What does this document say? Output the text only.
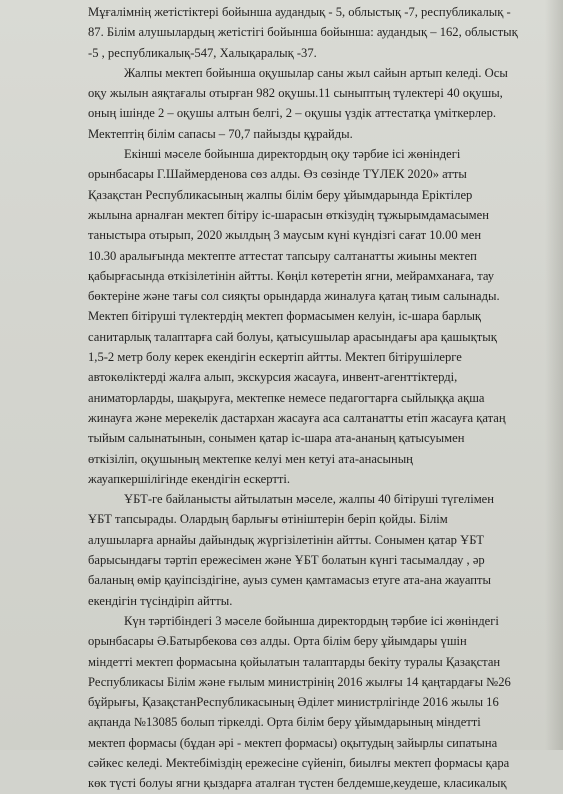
Мұғалімнің жетістіктері бойынша аудандық - 5, облыстық -7, республикалық -
87. Білім алушылардың жетістігі бойынша бойынша: аудандық – 162, облыстық
-5 , республикалық-547, Халықаралық -37.
Жалпы мектеп бойынша оқушылар саны жыл сайын артып келеді. Осы
оқу жылын аяқтағалы отырған 982 оқушы.11 сыныптың түлектері 40 оқушы,
оның ішінде 2 – оқушы алтын белгі, 2 – оқушы үздік аттестатқа үміткерлер.
Мектептің білім сапасы – 70,7 пайызды құрайды.
Екінші мәселе бойынша директордың оқу тәрбие ісі жөніндегі
орынбасары Г.Шаймерденова сөз алды. Өз сөзінде ТҮЛЕК 2020» атты
Қазақстан Республикасының жалпы білім беру ұйымдарында Еріктілер
жылына арналған мектеп бітіру іс-шарасын өткізудің тұжырымдамасымен
таныстыра отырып, 2020 жылдың 3 маусым күні күндізгі сағат 10.00 мен
10.30 аралығында мектепте аттестат тапсыру салтанатты жиыны мектеп
қабырғасында өткізілетінін айтты. Көңіл көтеретін ягни, мейрамханаға, тау
бөктеріне және тағы сол сияқты орындарда жиналуға қатаң тиым салынады.
Мектеп бітіруші түлектердің мектеп формасымен келуін, іс-шара барлық
санитарлық талаптарға сай болуы, қатысушылар арасындағы ара қашықтық
1,5-2 метр болу керек екендігін ескертіп айтты. Мектеп бітірушілерге
автокөліктерді жалға алып, экскурсия жасауға, инвент-агенттіктерді,
аниматорларды, шақыруға, мектепке немесе педагогтарға сыйлыққа ақша
жинауға және мерекелік дастархан жасауға аса салтанатты етіп жасауға қатаң
тыйым салынатынын, сонымен қатар іс-шара ата-ананың қатысуымен
өткізіліп, оқушының мектепке келуі мен кетуі ата-анасының
жауапкершілігінде екендігін ескертті.
ҰБТ-ге байланысты айтылатын мәселе, жалпы 40 бітіруші түгелімен
ҰБТ тапсырады. Олардың барлығы өтініштерін беріп қойды. Білім
алушыларға арнайы дайындық жүргізілетінін айтты. Сонымен қатар ҰБТ
барысындағы тәртіп ережесімен және ҰБТ болатын күнгі тасымалдау , әр
баланың өмір қауіпсіздігіне, ауыз сумен қамтамасыз етуге ата-ана жауапты
екендігін түсіндіріп айтты.
Күн тәртібіндегі 3 мәселе бойынша директордың тәрбие ісі жөніндегі
орынбасары Ә.Батырбекова сөз алды. Орта білім беру ұйымдары үшін
міндетті мектеп формасына қойылатын талаптарды бекіту туралы Қазақстан
Республикасы Білім және ғылым министрінің 2016 жылғы 14 қаңтардағы №26
бұйрығы, ҚазақстанРеспубликасының Әділет министрлігінде 2016 жылы 16
ақпанда №13085 болып тіркелді. Орта білім беру ұйымдарының міндетті
мектеп формасы (бұдан әрі - мектеп формасы) оқытудың зайырлы сипатына
сәйкес келеді. Мектебіміздің ережесіне сүйеніп, биылғы мектеп формасы қара
көк түсті болуы ягни қыздарға аталған түстен белдемше,кеудеше, класикалық
